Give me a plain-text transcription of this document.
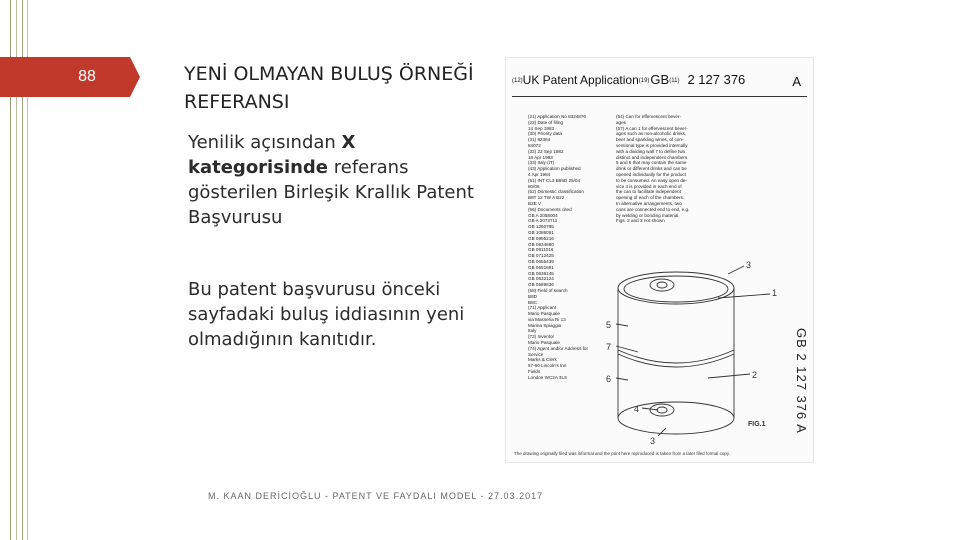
88	YENİ OLMAYAN BULUŞ ÖRNEĞİ
REFERANSI
Yenilik açısından X kategorisinde referans gösterilen Birleşik Krallık Patent Başvurusu
Bu patent başvurusu önceki sayfadaki buluş iddiasının yeni olmadığının kanıtıdır.
M. KAAN DERİCİOĞLU - PATENT VE FAYDALI MODEL - 27.03.2017
(12)UK Patent Application(19)GB(11) 2 127 376	A
(21) Application No 8324876
(22) Date of filing
14 Sep 1983
(30) Priority data
(31) 82364
84072
(32) 23 Sep 1982
18 Apr 1983
(33) Italy (IT)
(43) Application published
4 Apr 1984
(51) INT CL3 B65D 25/04
80/06
(52) Domestic classification
B8T 12 TW A B22
B2E V
(56) Documents cited
GB A 2058004
GB A 2073711
GB 1260785
GB 1086091
GB 0995216
GB 0834880
GB 0811016
GB 0712425
GB 0655439
GB 0651691
GB 0636145
GB 0632124
GB 0589836
(58) Field of search
B8D
B8C
(71) Applicant
Mario Pasquale
via Masseria Ri 13
Marina Spiaggia
Italy
(72) Inventor
Mario Pasquale
(74) Agent and/or Address for
Service
Marks & Clerk
57-60 Lincoln's Inn
Fields
London WC2A 3LS
(54) Can for effervescent bever-
ages
(57) A can 1 for effervescent bever-
ages such as non-alcoholic drinks,
beer and sparkling wines, of con-
ventional type is provided internally
with a dividing wall 7 to define two
distinct and independent chambers
5 and 6 that may contain the same
drink or different drinks and can be
opened individually for the product
to be consumed. An easy open de-
vice 4 is provided in each end of
the can to facilitate independent
opening of each of the chambers.
In alternative arrangements, two
cans are connected end to end, e.g.
by welding or bonding material.
Figs. 2 and 3 not shown
3
1
5
7
6	2
4
3
FIG.1 GB 2 127 376 A
The drawing originally filed was informal and the print here reproduced is taken from a later filed formal copy.
